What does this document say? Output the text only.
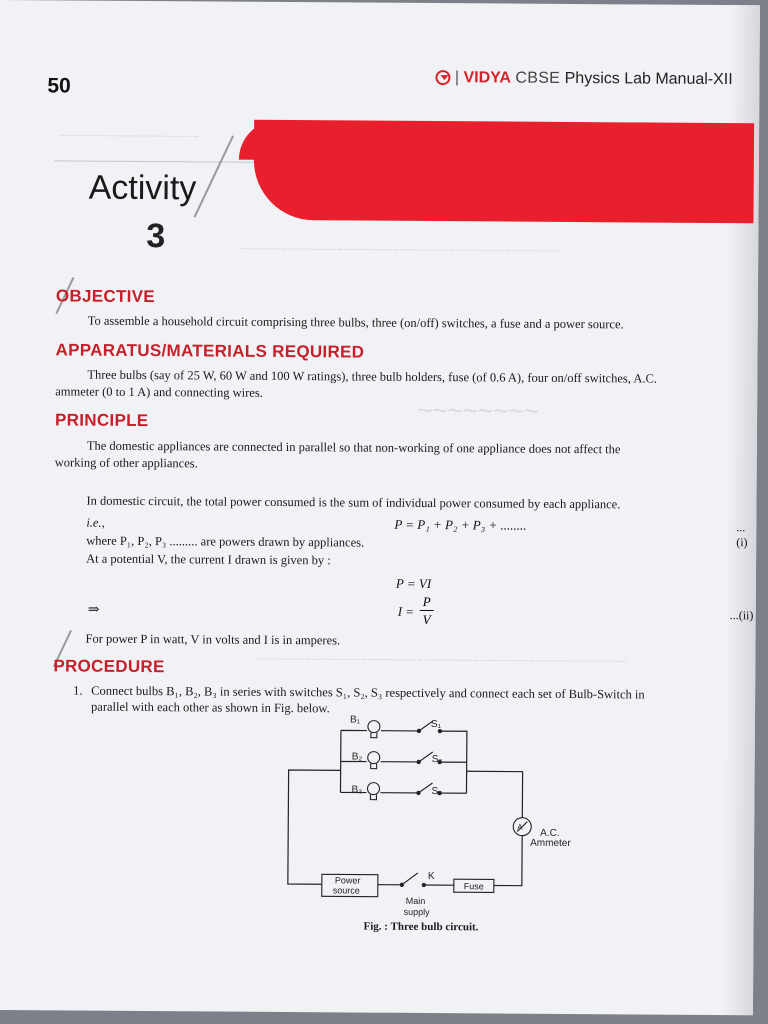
~~~~~~~~~~~~~~~~~~~~
~~~~~~~~~~~~~~~~~~~~~~~~~~~~~~~~~~~~~~~~~~~~~~
~~~~~~~~
~~~~~~~~~~~~~~~~~~~~~~~~~~~~~~~~~~~~~~~~~~~~~~~~~~~~~
50	| VIDYA CBSE Physics Lab Manual-XII
Activity
3
OBJECTIVE
To assemble a household circuit comprising three bulbs, three (on/off) switches, a fuse and a power source.
APPARATUS/MATERIALS REQUIRED
Three bulbs (say of 25 W, 60 W and 100 W ratings), three bulb holders, fuse (of 0.6 A), four on/off switches, A.C.
ammeter (0 to 1 A) and connecting wires.
PRINCIPLE
The domestic appliances are connected in parallel so that non-working of one appliance does not affect the
working of other appliances.
In domestic circuit, the total power consumed is the sum of individual power consumed by each appliance.
i.e.,	P = P₁ + P₂ + P₃ + ........	...(i)
where P₁, P₂, P₃ ......... are powers drawn by appliances.
At a potential V, the current I drawn is given by :
P = VI
⇒	I =
P
V	...(ii)
For power P in watt, V in volts and I is in amperes.
PROCEDURE
1. Connect bulbs B₁, B₂, B₃ in series with switches S₁, S₂, S₃ respectively and connect each set of Bulb-Switch in
parallel with each other as shown in Fig. below.
B₁
B₂
B₃
S₁
S₂
S₃
A
A.C.
Ammeter
Power
source
K
Main
supply
Fuse
Fig. : Three bulb circuit.
